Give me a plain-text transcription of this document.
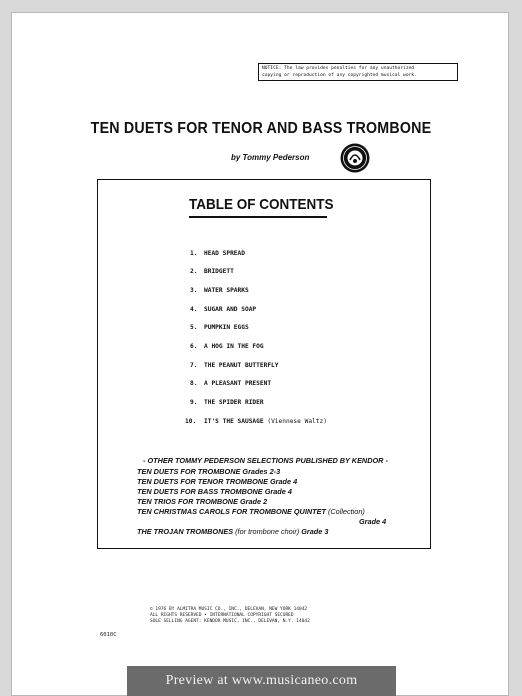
NOTICE: The law provides penalties for any unauthorized
copying or reproduction of any copyrighted musical work.
TEN DUETS FOR TENOR AND BASS TROMBONE
by Tommy Pederson
TABLE OF CONTENTS
1. HEAD SPREAD
2. BRIDGETT
3. WATER SPARKS
4. SUGAR AND SOAP
5. PUMPKIN EGGS
6. A HOG IN THE FOG
7. THE PEANUT BUTTERFLY
8. A PLEASANT PRESENT
9. THE SPIDER RIDER
10. IT'S THE SAUSAGE (Viennese Waltz)
- OTHER TOMMY PEDERSON SELECTIONS PUBLISHED BY KENDOR -
TEN DUETS FOR TROMBONE Grades 2-3
TEN DUETS FOR TENOR TROMBONE Grade 4
TEN DUETS FOR BASS TROMBONE Grade 4
TEN TRIOS FOR TROMBONE Grade 2
TEN CHRISTMAS CAROLS FOR TROMBONE QUINTET (Collection)
Grade 4
THE TROJAN TROMBONES (for trombone choir) Grade 3
© 1976 BY ALMITRA MUSIC CO., INC., DELEVAN, NEW YORK 14042
ALL RIGHTS RESERVED • INTERNATIONAL COPYRIGHT SECURED
SOLE SELLING AGENT: KENDOR MUSIC, INC., DELEVAN, N.Y. 14042
6010C
Preview at www.musicaneo.com
